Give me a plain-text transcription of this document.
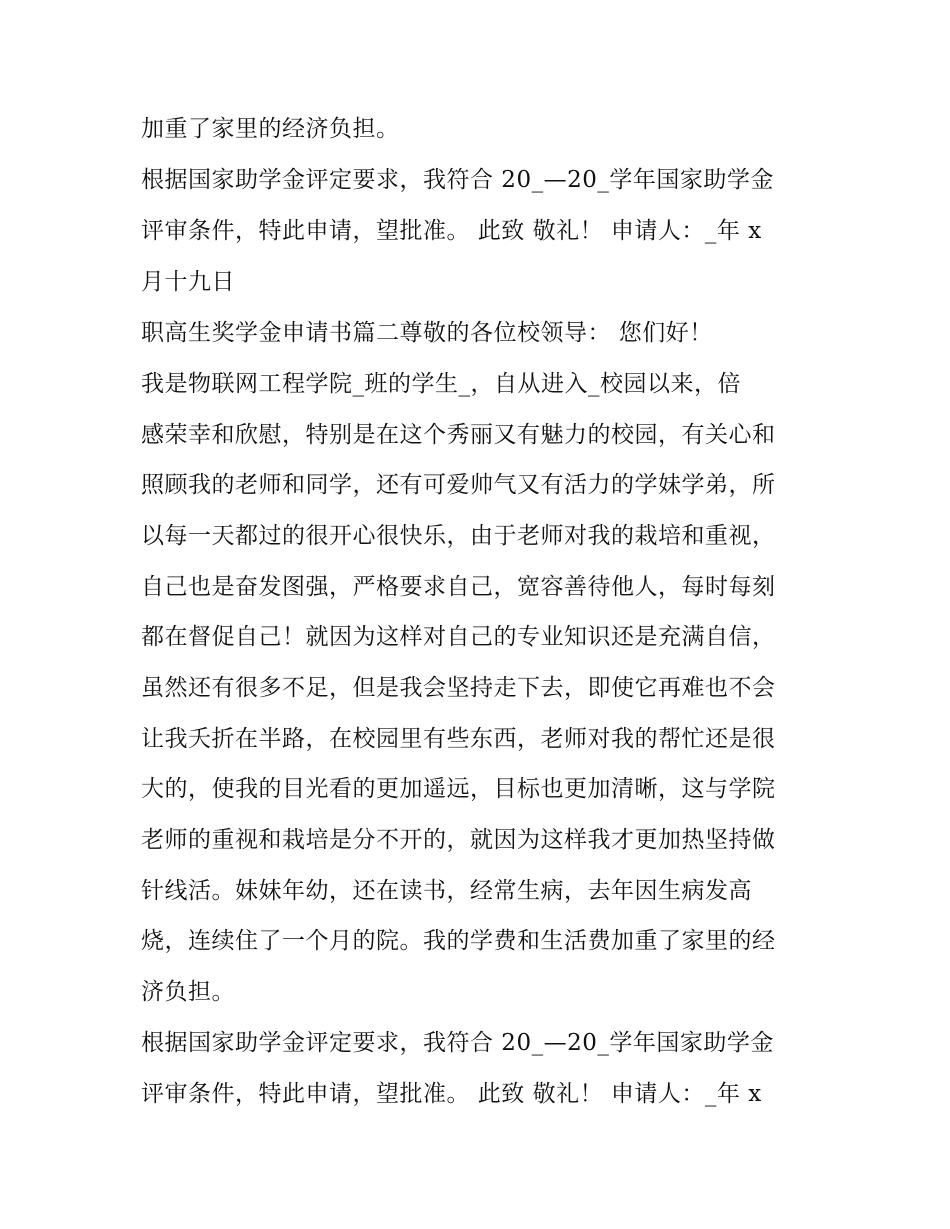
加重了家里的经济负担。

根据国家助学金评定要求，我符合 20_—20_学年国家助学金

评审条件，特此申请，望批准。 此致 敬礼！ 申请人：_年 x

月十九日

职高生奖学金申请书篇二尊敬的各位校领导： 您们好！

我是物联网工程学院_班的学生_，自从进入_校园以来，倍

感荣幸和欣慰，特别是在这个秀丽又有魅力的校园，有关心和

照顾我的老师和同学，还有可爱帅气又有活力的学妹学弟，所

以每一天都过的很开心很快乐，由于老师对我的栽培和重视，

自己也是奋发图强，严格要求自己，宽容善待他人，每时每刻

都在督促自己！就因为这样对自己的专业知识还是充满自信，

虽然还有很多不足，但是我会坚持走下去，即使它再难也不会

让我夭折在半路，在校园里有些东西，老师对我的帮忙还是很

大的，使我的目光看的更加遥远，目标也更加清晰，这与学院

老师的重视和栽培是分不开的，就因为这样我才更加热坚持做

针线活。妹妹年幼，还在读书，经常生病，去年因生病发高

烧，连续住了一个月的院。我的学费和生活费加重了家里的经

济负担。

根据国家助学金评定要求，我符合 20_—20_学年国家助学金

评审条件，特此申请，望批准。 此致 敬礼！ 申请人：_年 x
